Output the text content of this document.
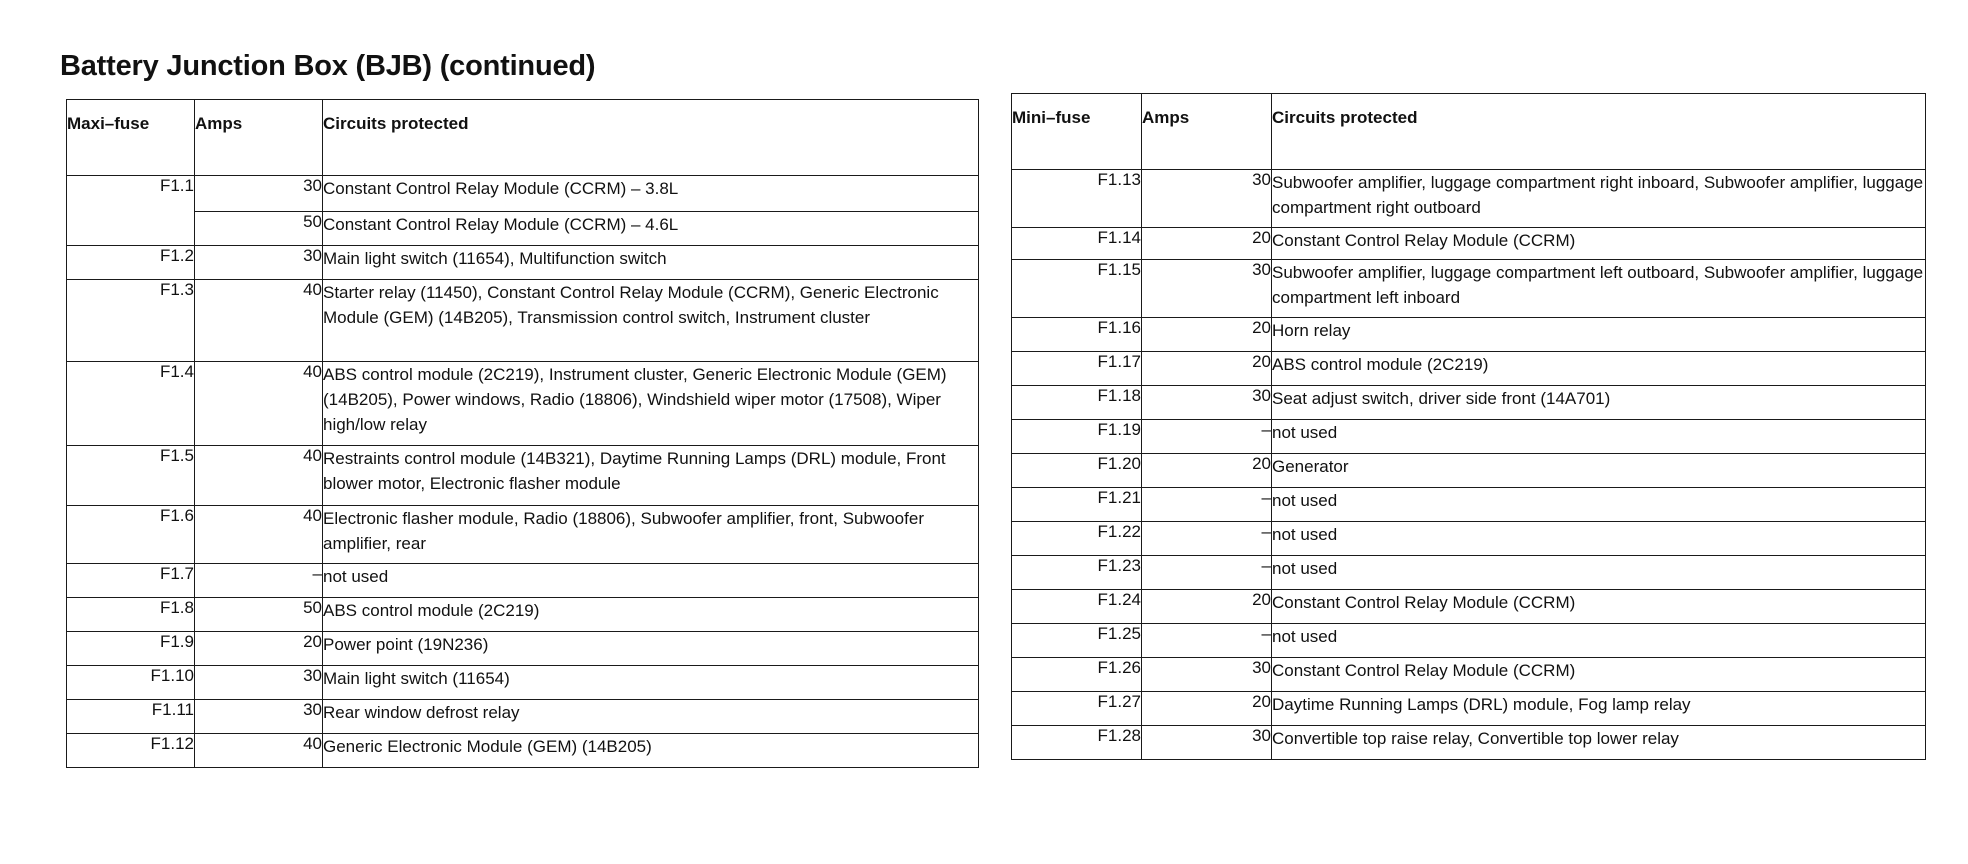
Battery Junction Box (BJB) (continued)
Maxi–fuse	Amps	Circuits protected
F1.1	30	Constant Control Relay Module (CCRM) – 3.8L
	50	Constant Control Relay Module (CCRM) – 4.6L
F1.2	30	Main light switch (11654), Multifunction switch
F1.3	40	Starter relay (11450), Constant Control Relay Module (CCRM), Generic Electronic Module (GEM) (14B205), Transmission control switch, Instrument cluster
F1.4	40	ABS control module (2C219), Instrument cluster, Generic Electronic Module (GEM) (14B205), Power windows, Radio (18806), Windshield wiper motor (17508), Wiper high/low relay
F1.5	40	Restraints control module (14B321), Daytime Running Lamps (DRL) module, Front blower motor, Electronic flasher module
F1.6	40	Electronic flasher module, Radio (18806), Subwoofer amplifier, front, Subwoofer amplifier, rear
F1.7	–	not used
F1.8	50	ABS control module (2C219)
F1.9	20	Power point (19N236)
F1.10	30	Main light switch (11654)
F1.11	30	Rear window defrost relay
F1.12	40	Generic Electronic Module (GEM) (14B205)
Mini–fuse	Amps	Circuits protected
F1.13	30	Subwoofer amplifier, luggage compartment right inboard, Subwoofer amplifier, luggage compartment right outboard
F1.14	20	Constant Control Relay Module (CCRM)
F1.15	30	Subwoofer amplifier, luggage compartment left outboard, Subwoofer amplifier, luggage compartment left inboard
F1.16	20	Horn relay
F1.17	20	ABS control module (2C219)
F1.18	30	Seat adjust switch, driver side front (14A701)
F1.19	–	not used
F1.20	20	Generator
F1.21	–	not used
F1.22	–	not used
F1.23	–	not used
F1.24	20	Constant Control Relay Module (CCRM)
F1.25	–	not used
F1.26	30	Constant Control Relay Module (CCRM)
F1.27	20	Daytime Running Lamps (DRL) module, Fog lamp relay
F1.28	30	Convertible top raise relay, Convertible top lower relay
